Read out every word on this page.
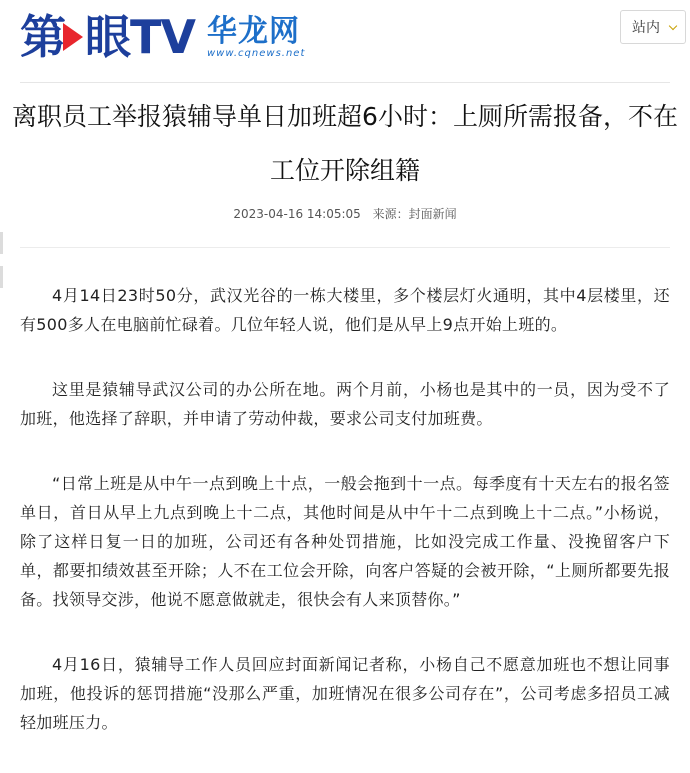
第 眼TV 华龙网
www.cqnews.net
站内
离职员工举报猿辅导单日加班超6小时：上厕所需报备，不在工位开除组籍
2023-04-16 14:05:05 来源：封面新闻

4月14日23时50分，武汉光谷的一栋大楼里，多个楼层灯火通明，其中4层楼里，还有500多人在电脑前忙碌着。几位年轻人说，他们是从早上9点开始上班的。

这里是猿辅导武汉公司的办公所在地。两个月前，小杨也是其中的一员，因为受不了加班，他选择了辞职，并申请了劳动仲裁，要求公司支付加班费。

“日常上班是从中午一点到晚上十点，一般会拖到十一点。每季度有十天左右的报名签单日，首日从早上九点到晚上十二点，其他时间是从中午十二点到晚上十二点。”小杨说，除了这样日复一日的加班，公司还有各种处罚措施，比如没完成工作量、没挽留客户下单，都要扣绩效甚至开除；人不在工位会开除，向客户答疑的会被开除，“上厕所都要先报备。找领导交涉，他说不愿意做就走，很快会有人来顶替你。”

4月16日，猿辅导工作人员回应封面新闻记者称，小杨自己不愿意加班也不想让同事加班，他投诉的惩罚措施“没那么严重，加班情况在很多公司存在”，公司考虑多招员工减轻加班压力。
